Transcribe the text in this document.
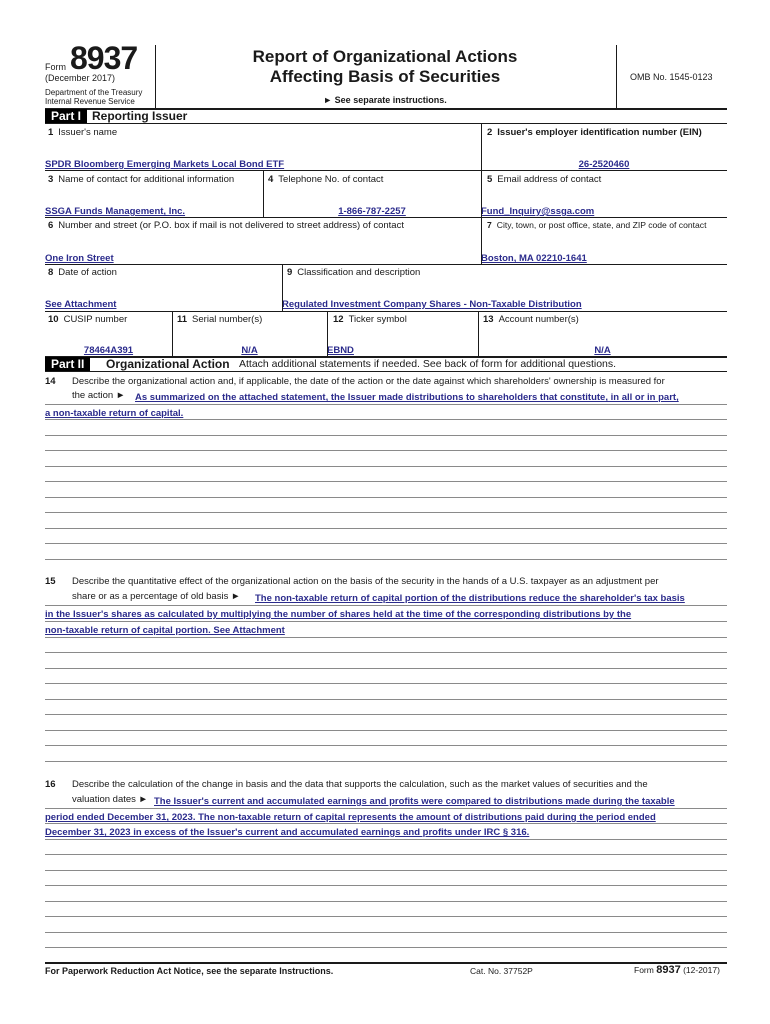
Form 8937
(December 2017)
Department of the Treasury
Internal Revenue Service
Report of Organizational Actions
Affecting Basis of Securities
► See separate instructions.
OMB No. 1545-0123
Part I Reporting Issuer
1 Issuer's name	2 Issuer's employer identification number (EIN)
SPDR Bloomberg Emerging Markets Local Bond ETF	26-2520460
3 Name of contact for additional information	4 Telephone No. of contact	5 Email address of contact
SSGA Funds Management, Inc.	1-866-787-2257	Fund_Inquiry@ssga.com
6 Number and street (or P.O. box if mail is not delivered to street address) of contact	7 City, town, or post office, state, and ZIP code of contact
One Iron Street	Boston, MA 02210-1641
8 Date of action	9 Classification and description
See Attachment	Regulated Investment Company Shares - Non-Taxable Distribution
10 CUSIP number	11 Serial number(s)	12 Ticker symbol	13 Account number(s)
78464A391	N/A	EBND	N/A
Part II	Organizational Action Attach additional statements if needed. See back of form for additional questions.
14 Describe the organizational action and, if applicable, the date of the action or the date against which shareholders' ownership is measured for
the action ► As summarized on the attached statement, the Issuer made distributions to shareholders that constitute, in all or in part,
a non-taxable return of capital.
15 Describe the quantitative effect of the organizational action on the basis of the security in the hands of a U.S. taxpayer as an adjustment per
share or as a percentage of old basis ► The non-taxable return of capital portion of the distributions reduce the shareholder's tax basis
in the Issuer's shares as calculated by multiplying the number of shares held at the time of the corresponding distributions by the
non-taxable return of capital portion. See Attachment
16 Describe the calculation of the change in basis and the data that supports the calculation, such as the market values of securities and the
valuation dates ► The Issuer's current and accumulated earnings and profits were compared to distributions made during the taxable
period ended December 31, 2023. The non-taxable return of capital represents the amount of distributions paid during the period ended
December 31, 2023 in excess of the Issuer's current and accumulated earnings and profits under IRC § 316.
For Paperwork Reduction Act Notice, see the separate Instructions.	Cat. No. 37752P	Form 8937 (12-2017)
